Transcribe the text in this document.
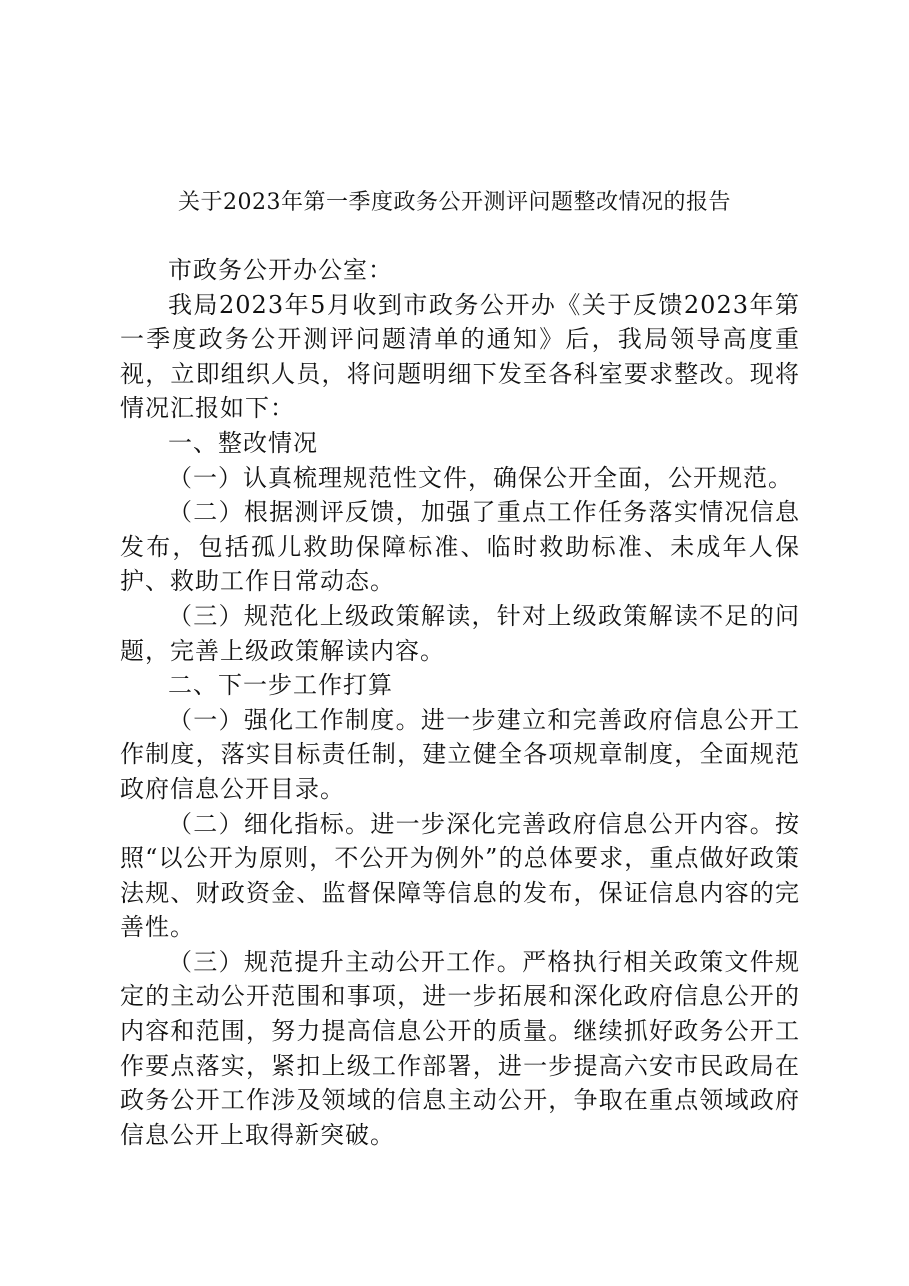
关于2023年第一季度政务公开测评问题整改情况的报告

市政务公开办公室：

我局2023年5月收到市政务公开办《关于反馈2023年第一季度政务公开测评问题清单的通知》后，我局领导高度重视，立即组织人员，将问题明细下发至各科室要求整改。现将情况汇报如下：

一、整改情况

（一）认真梳理规范性文件，确保公开全面，公开规范。

（二）根据测评反馈，加强了重点工作任务落实情况信息发布，包括孤儿救助保障标准、临时救助标准、未成年人保护、救助工作日常动态。

（三）规范化上级政策解读，针对上级政策解读不足的问题，完善上级政策解读内容。

二、下一步工作打算

（一）强化工作制度。进一步建立和完善政府信息公开工作制度，落实目标责任制，建立健全各项规章制度，全面规范政府信息公开目录。

（二）细化指标。进一步深化完善政府信息公开内容。按照“以公开为原则，不公开为例外”的总体要求，重点做好政策法规、财政资金、监督保障等信息的发布，保证信息内容的完善性。

（三）规范提升主动公开工作。严格执行相关政策文件规定的主动公开范围和事项，进一步拓展和深化政府信息公开的内容和范围，努力提高信息公开的质量。继续抓好政务公开工作要点落实，紧扣上级工作部署，进一步提高六安市民政局在政务公开工作涉及领域的信息主动公开，争取在重点领域政府信息公开上取得新突破。
